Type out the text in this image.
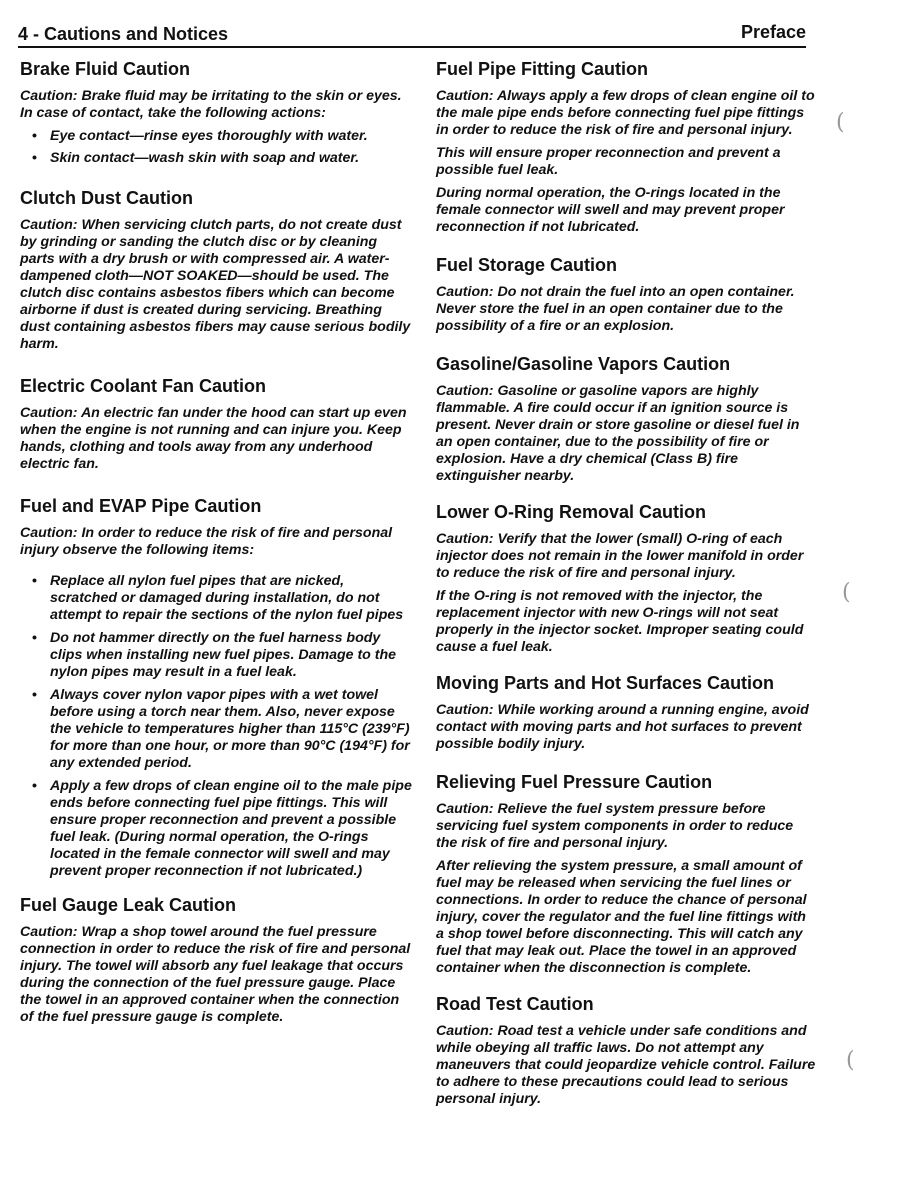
4 - Cautions and Notices	Preface
Brake Fluid Caution

Caution: Brake fluid may be irritating to the skin or eyes. In case of contact, take the following actions:

• Eye contact—rinse eyes thoroughly with water.
• Skin contact—wash skin with soap and water.
Clutch Dust Caution

Caution: When servicing clutch parts, do not create dust by grinding or sanding the clutch disc or by cleaning parts with a dry brush or with compressed air. A water-dampened cloth—NOT SOAKED—should be used. The clutch disc contains asbestos fibers which can become airborne if dust is created during servicing. Breathing dust containing asbestos fibers may cause serious bodily harm.

Electric Coolant Fan Caution

Caution: An electric fan under the hood can start up even when the engine is not running and can injure you. Keep hands, clothing and tools away from any underhood electric fan.

Fuel and EVAP Pipe Caution

Caution: In order to reduce the risk of fire and personal injury observe the following items:

• Replace all nylon fuel pipes that are nicked, scratched or damaged during installation, do not attempt to repair the sections of the nylon fuel pipes
• Do not hammer directly on the fuel harness body clips when installing new fuel pipes. Damage to the nylon pipes may result in a fuel leak.
• Always cover nylon vapor pipes with a wet towel before using a torch near them. Also, never expose the vehicle to temperatures higher than 115°C (239°F) for more than one hour, or more than 90°C (194°F) for any extended period.
• Apply a few drops of clean engine oil to the male pipe ends before connecting fuel pipe fittings. This will ensure proper reconnection and prevent a possible fuel leak. (During normal operation, the O-rings located in the female connector will swell and may prevent proper reconnection if not lubricated.)
Fuel Gauge Leak Caution

Caution: Wrap a shop towel around the fuel pressure connection in order to reduce the risk of fire and personal injury. The towel will absorb any fuel leakage that occurs during the connection of the fuel pressure gauge. Place the towel in an approved container when the connection of the fuel pressure gauge is complete.

Fuel Pipe Fitting Caution

Caution: Always apply a few drops of clean engine oil to the male pipe ends before connecting fuel pipe fittings in order to reduce the risk of fire and personal injury.

This will ensure proper reconnection and prevent a possible fuel leak.

During normal operation, the O-rings located in the female connector will swell and may prevent proper reconnection if not lubricated.

Fuel Storage Caution

Caution: Do not drain the fuel into an open container. Never store the fuel in an open container due to the possibility of a fire or an explosion.

Gasoline/Gasoline Vapors Caution

Caution: Gasoline or gasoline vapors are highly flammable. A fire could occur if an ignition source is present. Never drain or store gasoline or diesel fuel in an open container, due to the possibility of fire or explosion. Have a dry chemical (Class B) fire extinguisher nearby.

Lower O-Ring Removal Caution

Caution: Verify that the lower (small) O-ring of each injector does not remain in the lower manifold in order to reduce the risk of fire and personal injury.

If the O-ring is not removed with the injector, the replacement injector with new O-rings will not seat properly in the injector socket. Improper seating could cause a fuel leak.

Moving Parts and Hot Surfaces Caution

Caution: While working around a running engine, avoid contact with moving parts and hot surfaces to prevent possible bodily injury.

Relieving Fuel Pressure Caution

Caution: Relieve the fuel system pressure before servicing fuel system components in order to reduce the risk of fire and personal injury.

After relieving the system pressure, a small amount of fuel may be released when servicing the fuel lines or connections. In order to reduce the chance of personal injury, cover the regulator and the fuel line fittings with a shop towel before disconnecting. This will catch any fuel that may leak out. Place the towel in an approved container when the disconnection is complete.

Road Test Caution

Caution: Road test a vehicle under safe conditions and while obeying all traffic laws. Do not attempt any maneuvers that could jeopardize vehicle control. Failure to adhere to these precautions could lead to serious personal injury.

(
(
(
